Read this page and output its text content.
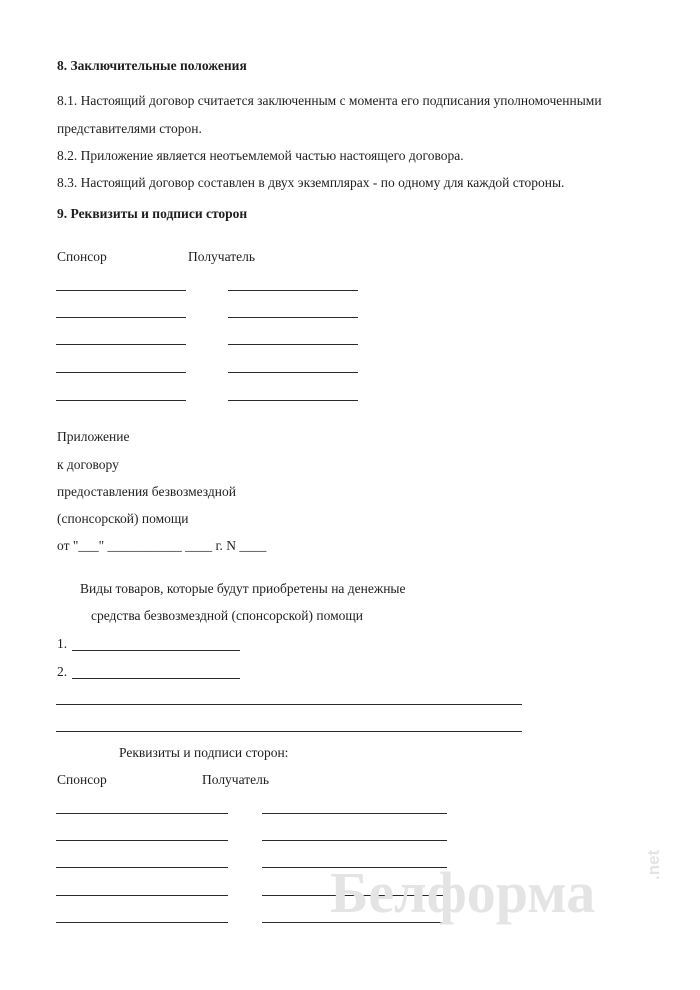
8. Заключительные положения
8.1. Настоящий договор считается заключенным с момента его подписания уполномоченными
представителями сторон.
8.2. Приложение является неотъемлемой частью настоящего договора.
8.3. Настоящий договор составлен в двух экземплярах - по одному для каждой стороны.
9. Реквизиты и подписи сторон
Спонсор	Получатель
Приложение
к договору
предоставления безвозмездной
(спонсорской) помощи
от "___" ___________ ____ г. N ____
Виды товаров, которые будут приобретены на денежные
средства безвозмездной (спонсорской) помощи
1.
2.
Реквизиты и подписи сторон:
Спонсор	Получатель
Белформа	.net
